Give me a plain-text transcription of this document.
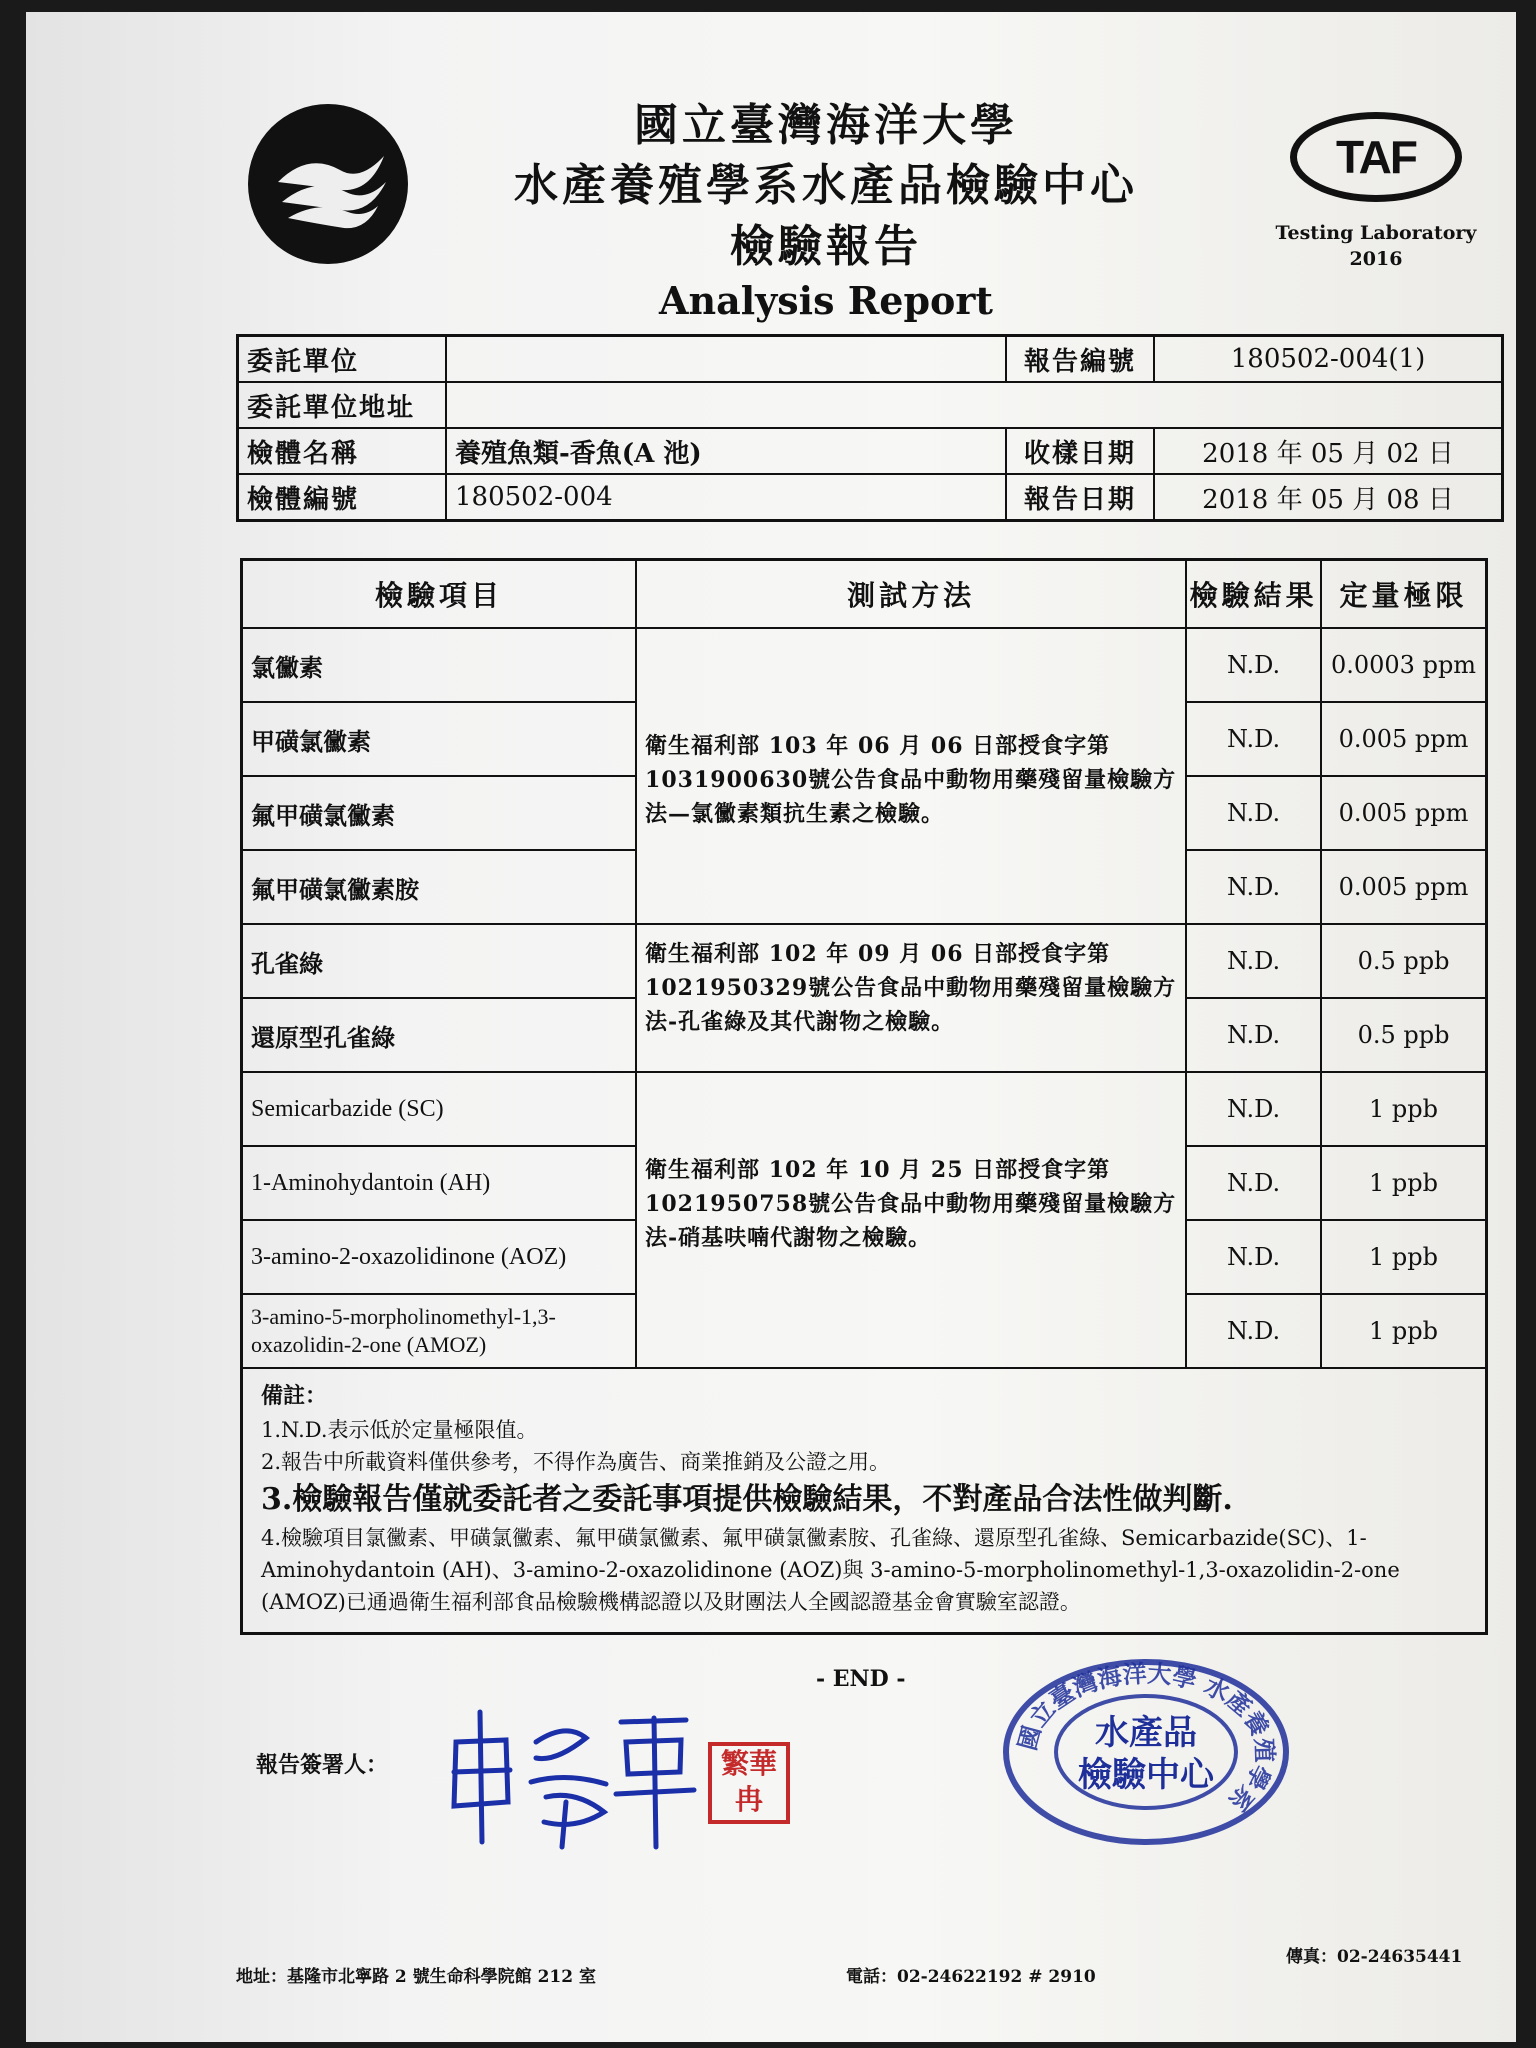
國立臺灣海洋大學
水產養殖學系水產品檢驗中心
檢驗報告
Analysis Report
TAF
Testing Laboratory
2016
委託單位		報告編號	180502-004(1)
委託單位地址			
檢體名稱	養殖魚類-香魚(A 池)	收樣日期	2018 年 05 月 02 日
檢體編號	180502-004	報告日期	2018 年 05 月 08 日
檢驗項目	測試方法	檢驗結果	定量極限
氯黴素	衛生福利部 103 年 06 月 06 日部授食字第1031900630號公告食品中動物用藥殘留量檢驗方法—氯黴素類抗生素之檢驗。	N.D.	0.0003 ppm
甲磺氯黴素		N.D.	0.005 ppm
氟甲磺氯黴素		N.D.	0.005 ppm
氟甲磺氯黴素胺		N.D.	0.005 ppm
孔雀綠	衛生福利部 102 年 09 月 06 日部授食字第1021950329號公告食品中動物用藥殘留量檢驗方法-孔雀綠及其代謝物之檢驗。	N.D.	0.5 ppb
還原型孔雀綠		N.D.	0.5 ppb
Semicarbazide (SC)	衛生福利部 102 年 10 月 25 日部授食字第1021950758號公告食品中動物用藥殘留量檢驗方法-硝基呋喃代謝物之檢驗。	N.D.	1 ppb
1-Aminohydantoin (AH)		N.D.	1 ppb
3-amino-2-oxazolidinone (AOZ)		N.D.	1 ppb
3-amino-5-morpholinomethyl-1,3-oxazolidin-2-one (AMOZ)		N.D.	1 ppb

備註：
1.N.D.表示低於定量極限值。
2.報告中所載資料僅供參考，不得作為廣告、商業推銷及公證之用。
3.檢驗報告僅就委託者之委託事項提供檢驗結果，不對產品合法性做判斷.
4.檢驗項目氯黴素、甲磺氯黴素、氟甲磺氯黴素、氟甲磺氯黴素胺、孔雀綠、還原型孔雀綠、Semicarbazide(SC)、1-Aminohydantoin (AH)、3-amino-2-oxazolidinone (AOZ)與 3-amino-5-morpholinomethyl-1,3-oxazolidin-2-one (AMOZ)已通過衛生福利部食品檢驗機構認證以及財團法人全國認證基金會實驗室認證。			
- END -
報告簽署人：	繁華冉
國立臺灣海洋大學 水產養殖學系
水產品
檢驗中心
地址：基隆市北寧路 2 號生命科學院館 212 室	電話：02-24622192 # 2910
傳真：02-24635441
